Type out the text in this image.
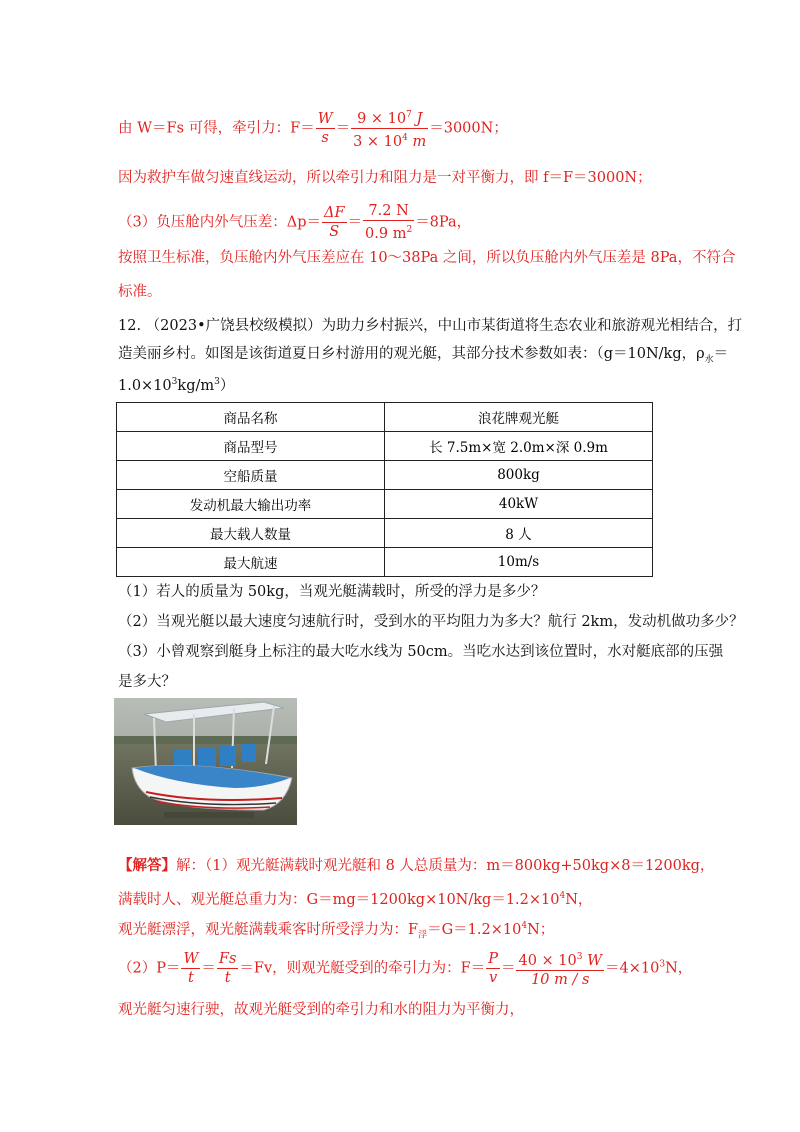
由 W＝Fs 可得，牵引力：$F= \frac{W}{s} = \frac{9 \times 10^7 J}{3 \times 10^4 m} =3000N$；
因为救护车做匀速直线运动，所以牵引力和阻力是一对平衡力，即 f＝F＝3000N；
（3）负压舱内外气压差：$\Delta p= \frac{\Delta F}{S} = \frac{7.2 N}{0.9 m^2} =8Pa$，
按照卫生标准，负压舱内外气压差应在 10～38Pa 之间，所以负压舱内外气压差是 8Pa，不符合
标准。
12. （2023•广饶县校级模拟）为助力乡村振兴，中山市某街道将生态农业和旅游观光相结合，打
造美丽乡村。如图是该街道夏日乡村游用的观光艇，其部分技术参数如表：（g＝10N/kg，$\rho_水=$
$1.0\times 10^3kg/m^3$）
商品名称	浪花牌观光艇
商品型号	长 7.5m×宽 2.0m×深 0.9m
空船质量	800kg
发动机最大输出功率	40kW
最大载人数量	8 人
最大航速	10m/s
（1）若人的质量为 50kg，当观光艇满载时，所受的浮力是多少？
（2）当观光艇以最大速度匀速航行时，受到水的平均阻力为多大？航行 2km，发动机做功多少？
（3）小曾观察到艇身上标注的最大吃水线为 50cm。当吃水达到该位置时，水对艇底部的压强
是多大？
【解答】解：（1）观光艇满载时观光艇和 8 人总质量为：m＝800kg+50kg×8＝1200kg，
满载时人、观光艇总重力为：$G=mg=1200kg\times 10N/kg=1.2\times 10^4N$，
观光艇漂浮，观光艇满载乘客时所受浮力为：$F_浮=G=1.2\times 10^4N$；
$(2)P= \frac{W}{t} = \frac{Fs}{t} =Fv$，则观光艇受到的牵引力为：$F= \frac{P}{v} = \frac{40 \times 10^3 W}{10 m / s} =4\times 10^3N$，
观光艇匀速行驶，故观光艇受到的牵引力和水的阻力为平衡力，
